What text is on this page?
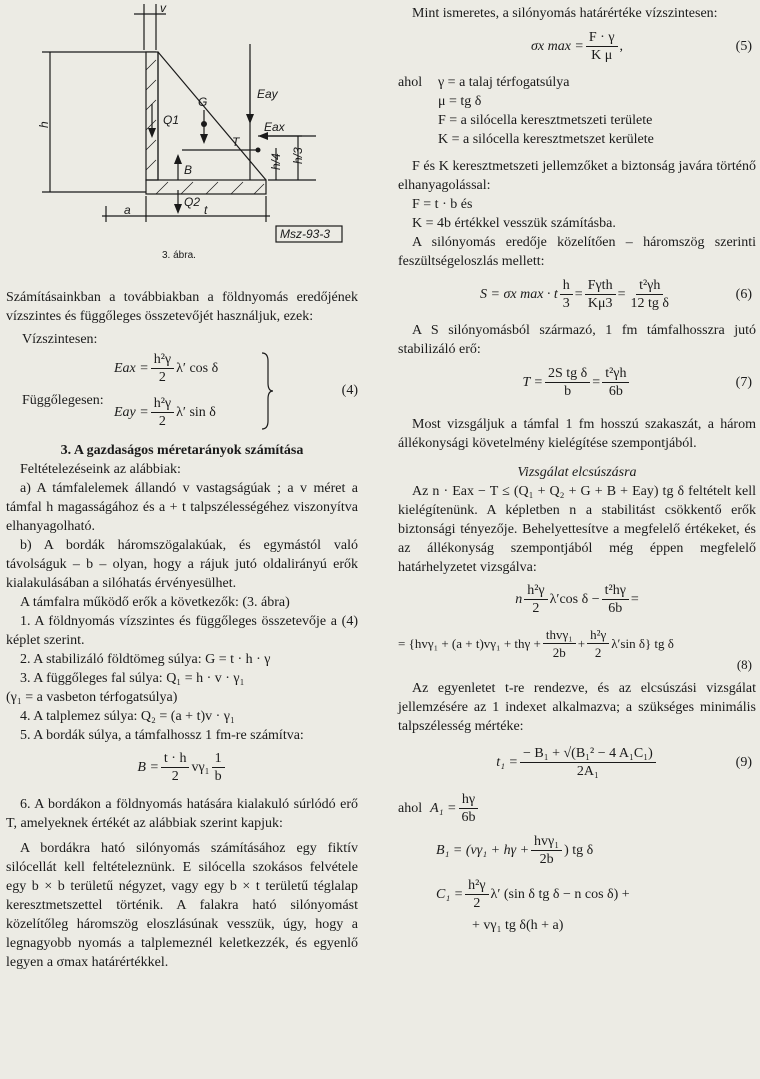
v
h	Q1
G
Eay
Eax
T
B
Q2
h/4 h/3
a	t
Msz-93-3
3. ábra.

Számításainkban a továbbiakban a földnyomás eredőjének vízszintes és függőleges összetevőjét használjuk, ezek:

Vízszintesen:

Eax = $\frac{\text{h²γ}}{2} \lambda'$ cos δ
Függőlegesen:
Eay = $\frac{\text{h²γ}}{2} \lambda'$ sin δ
(4)

3. A gazdaságos méretarányok számítása

Feltételezéseink az alábbiak:

a) A támfalelemek állandó v vastagságúak ; a v méret a támfal h magasságához és a + t talpszélességéhez viszonyítva elhanyagolható.

b) A bordák háromszögalakúak, és egymástól való távolságuk – b – olyan, hogy a rájuk jutó oldalirányú erők kialakulásában a silóhatás érvényesülhet.

A támfalra működő erők a következők: (3. ábra)

1. A földnyomás vízszintes és függőleges összetevője a (4) képlet szerint.

2. A stabilizáló földtömeg súlya: G = t · h · γ

3. A függőleges fal súlya: Q₁ = h · v · γ₁

(γ₁ = a vasbeton térfogatsúlya)

4. A talplemez súlya: Q₂ = (a + t)v · γ₁

5. A bordák súlya, a támfalhossz 1 fm-re számítva:

$B = \frac{t \cdot h}{2} v\gamma_1 \frac{1}{b}$

6. A bordákon a földnyomás hatására kialakuló súrlódó erő T, amelyeknek értékét az alábbiak szerint kapjuk:

A bordákra ható silónyomás számításához egy fiktív silócellát kell feltételeznünk. E silócella szokásos felvétele egy b × b területű négyzet, vagy egy b × t területű téglalap keresztmetszettel történik. A falakra ható silónyomást közelítőleg háromszög eloszlásúnak vesszük, úgy, hogy a legnagyobb nyomás a talplemeznél keletkezzék, és egyenlő legyen a σmax határértékkel.

Mint ismeretes, a silónyomás határértéke vízszintesen:

σx $\max = \frac{F \cdot \gamma}{\text{K μ}}$ ,	(5)
ahol γ = a talaj térfogatsúlya
μ = tg δ
F = a silócella keresztmetszeti területe
K = a silócella keresztmetszet kerülete

F és K keresztmetszeti jellemzőket a biztonság javára történő elhanyagolással:

F = t · b és

K = 4b értékkel vesszük számításba.

A silónyomás eredője közelítően – háromszög szerinti feszültségeloszlás mellett:

S = σx max · t $\frac{h}{3} = \frac{\text{Fγth}}{K\mu 3} = \frac{\text{t²γh}}{\text{12 tg δ}}$	(6)

A S silónyomásból származó, 1 fm támfalhosszra jutó stabilizáló erő:

$T = \frac{\text{2S tg δ}}{b} = \frac{\text{t²γh}}{6b}$	(7)

Most vizsgáljuk a támfal 1 fm hosszú szakaszát, a három állékonysági követelmény kielégítése szempontjából.

Vizsgálat elcsúszásra

Az n · Eax − T ≤ (Q₁ + Q₂ + G + B + Eay) tg δ feltételt kell kielégítenünk. A képletben n a stabilitást csökkentő erők biztonsági tényezője. Behelyettesítve a megfelelő értékeket, és az állékonyság szempontjából még éppen megfelelő határhelyzetet vizsgálva:

n $\frac{\text{h²γ}}{2} \lambda'\cos$ $\delta - \frac{\text{t²hγ}}{6b}$ =
= {$hv\gamma_1 + (a + t)v\gamma_1 + th\gamma + \frac{\text{thvγ₁}}{2b} + \frac{\text{h²γ}}{2} \lambda'\sin$ δ} tg δ
(8)

Az egyenletet t-re rendezve, és az elcsúszási vizsgálat jellemzésére az 1 indexet alkalmazva; a szükséges minimális talpszélesség mértéke:

$t_1 = \frac{\text{− B₁ + √(B₁² − 4 A₁C₁)}}{\text{2A₁}}$	(9)
ahol $A_1 = \frac{h\gamma}{6b}$
$B_1 = (v\gamma_1 + h\gamma + \frac{\text{hvγ₁}}{2b}$ ) tg δ
$C_1 = \frac{\text{h²γ}}{2} \lambda'$ (sin δ tg δ − n cos δ) +
+ vγ₁ tg δ(h + a)
